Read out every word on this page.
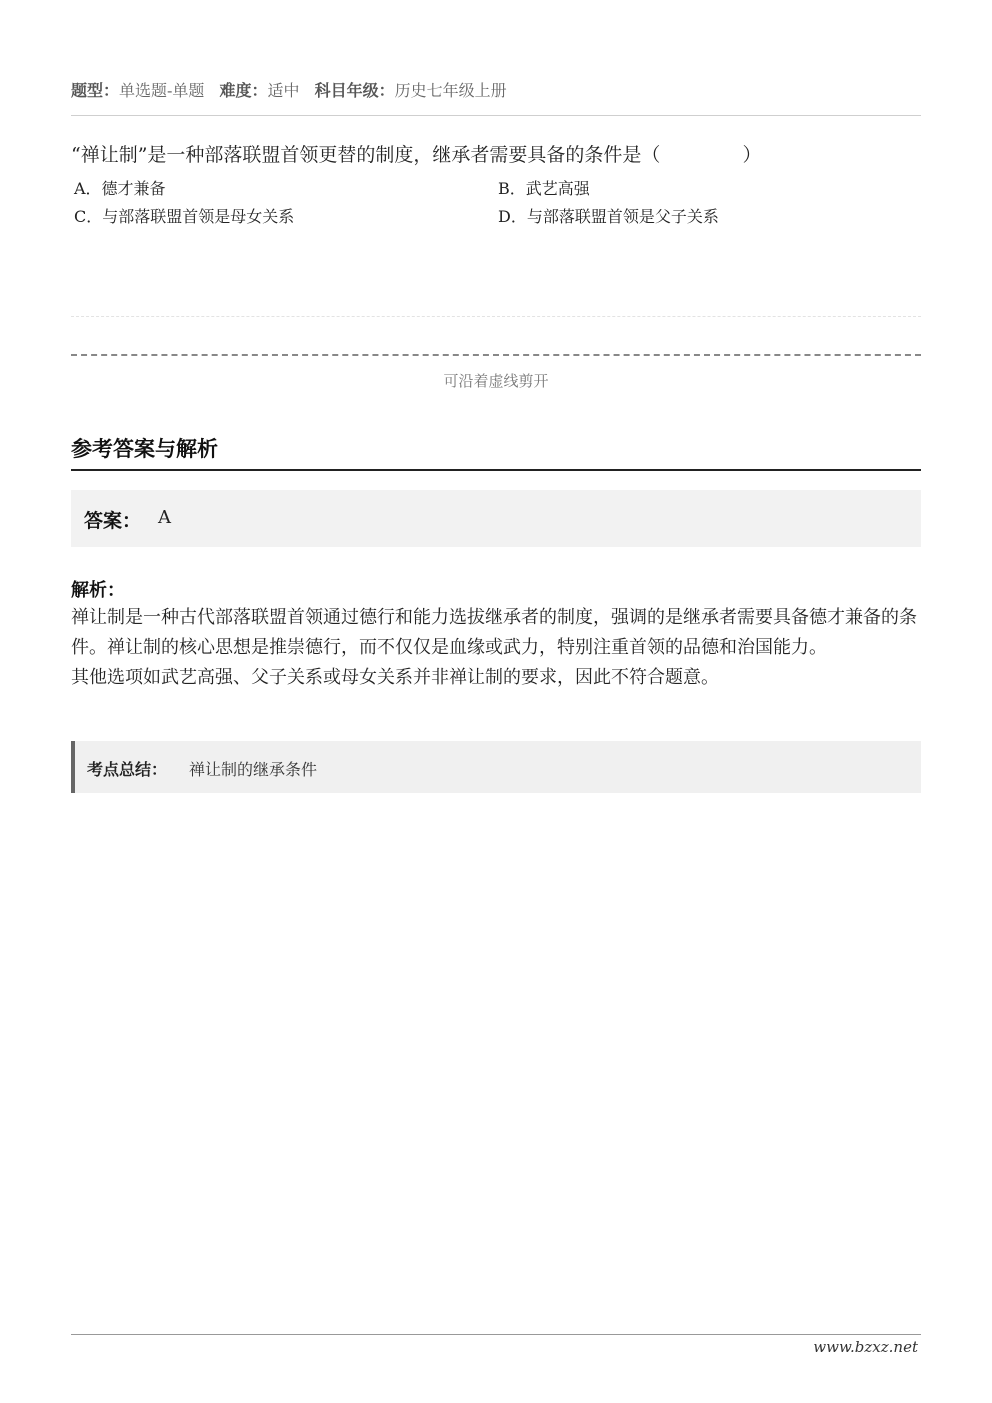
题型：单选题-单题 难度：适中 科目年级：历史七年级上册
“禅让制”是一种部落联盟首领更替的制度，继承者需要具备的条件是（	）
A．德才兼备	B．武艺高强
C．与部落联盟首领是母女关系	D．与部落联盟首领是父子关系
可沿着虚线剪开
参考答案与解析
答案： A
解析：

禅让制是一种古代部落联盟首领通过德行和能力选拔继承者的制度，强调的是继承者需要具备德才兼备的条件。禅让制的核心思想是推崇德行，而不仅仅是血缘或武力，特别注重首领的品德和治国能力。

其他选项如武艺高强、父子关系或母女关系并非禅让制的要求，因此不符合题意。

考点总结： 禅让制的继承条件
www.bzxz.net
